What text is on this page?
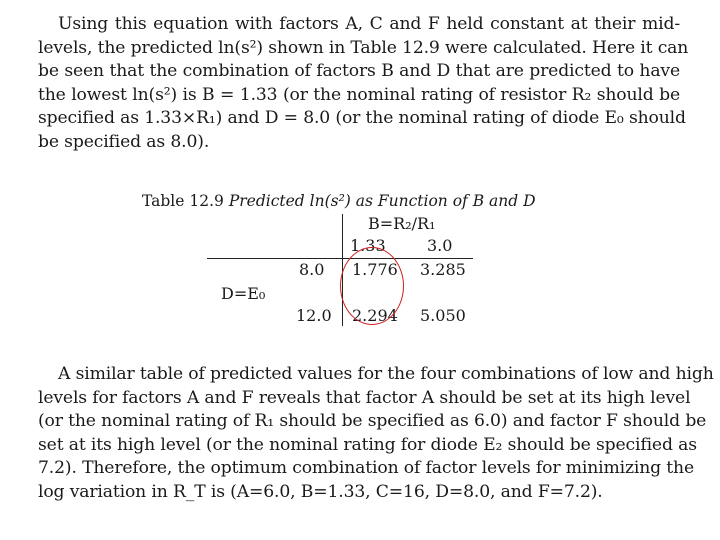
Using this equation with factors A, C and F held constant at their mid-
levels, the predicted ln(s²) shown in Table 12.9 were calculated. Here it can
be seen that the combination of factors B and D that are predicted to have
the lowest ln(s²) is B = 1.33 (or the nominal rating of resistor R₂ should be
specified as 1.33×R₁) and D = 8.0 (or the nominal rating of diode E₀ should
be specified as 8.0).
Table 12.9 Predicted ln(s²) as Function of B and D
B=R₂/R₁
1.33	3.0
8.0 1.776 3.285
D=E₀
12.0 2.294 5.050
A similar table of predicted values for the four combinations of low and high
levels for factors A and F reveals that factor A should be set at its high level
(or the nominal rating of R₁ should be specified as 6.0) and factor F should be
set at its high level (or the nominal rating for diode E₂ should be specified as
7.2). Therefore, the optimum combination of factor levels for minimizing the
log variation in R_T is (A=6.0, B=1.33, C=16, D=8.0, and F=7.2).
